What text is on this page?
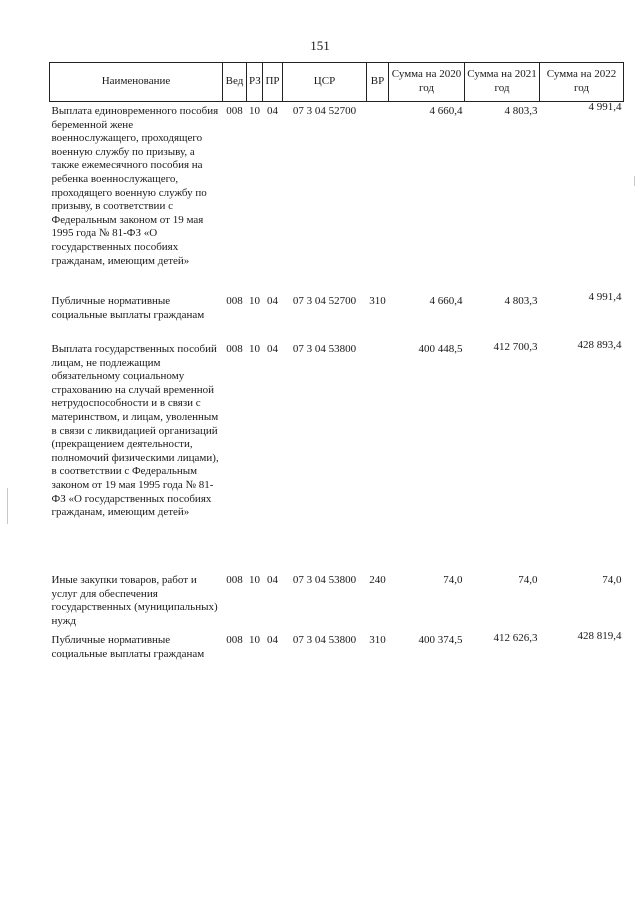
151
Наименование	Вед	РЗ	ПР	ЦСР	ВР	Сумма на 2020 год	Сумма на 2021 год	Сумма на 2022 год
Выплата единовременного пособия беременной жене военнослужащего, проходящего военную службу по призыву, а также ежемесячного пособия на ребенка военнослужащего, проходящего военную службу по призыву, в соответствии с Федеральным законом от 19 мая 1995 года № 81-ФЗ «О государственных пособиях гражданам, имеющим детей»	008	10	04	07 3 04 52700		4 660,4	4 803,3	4 991,4
Публичные нормативные социальные выплаты гражданам	008	10	04	07 3 04 52700	310	4 660,4	4 803,3	4 991,4
Выплата государственных пособий лицам, не подлежащим обязательному социальному страхованию на случай временной нетрудоспособности и в связи с материнством, и лицам, уволенным в связи с ликвидацией организаций (прекращением деятельности, полномочий физическими лицами), в соответствии с Федеральным законом от 19 мая 1995 года № 81-ФЗ «О государственных пособиях гражданам, имеющим детей»	008	10	04	07 3 04 53800		400 448,5	412 700,3	428 893,4
Иные закупки товаров, работ и услуг для обеспечения государственных (муниципальных) нужд	008	10	04	07 3 04 53800	240	74,0	74,0	74,0
Публичные нормативные социальные выплаты гражданам	008	10	04	07 3 04 53800	310	400 374,5	412 626,3	428 819,4
